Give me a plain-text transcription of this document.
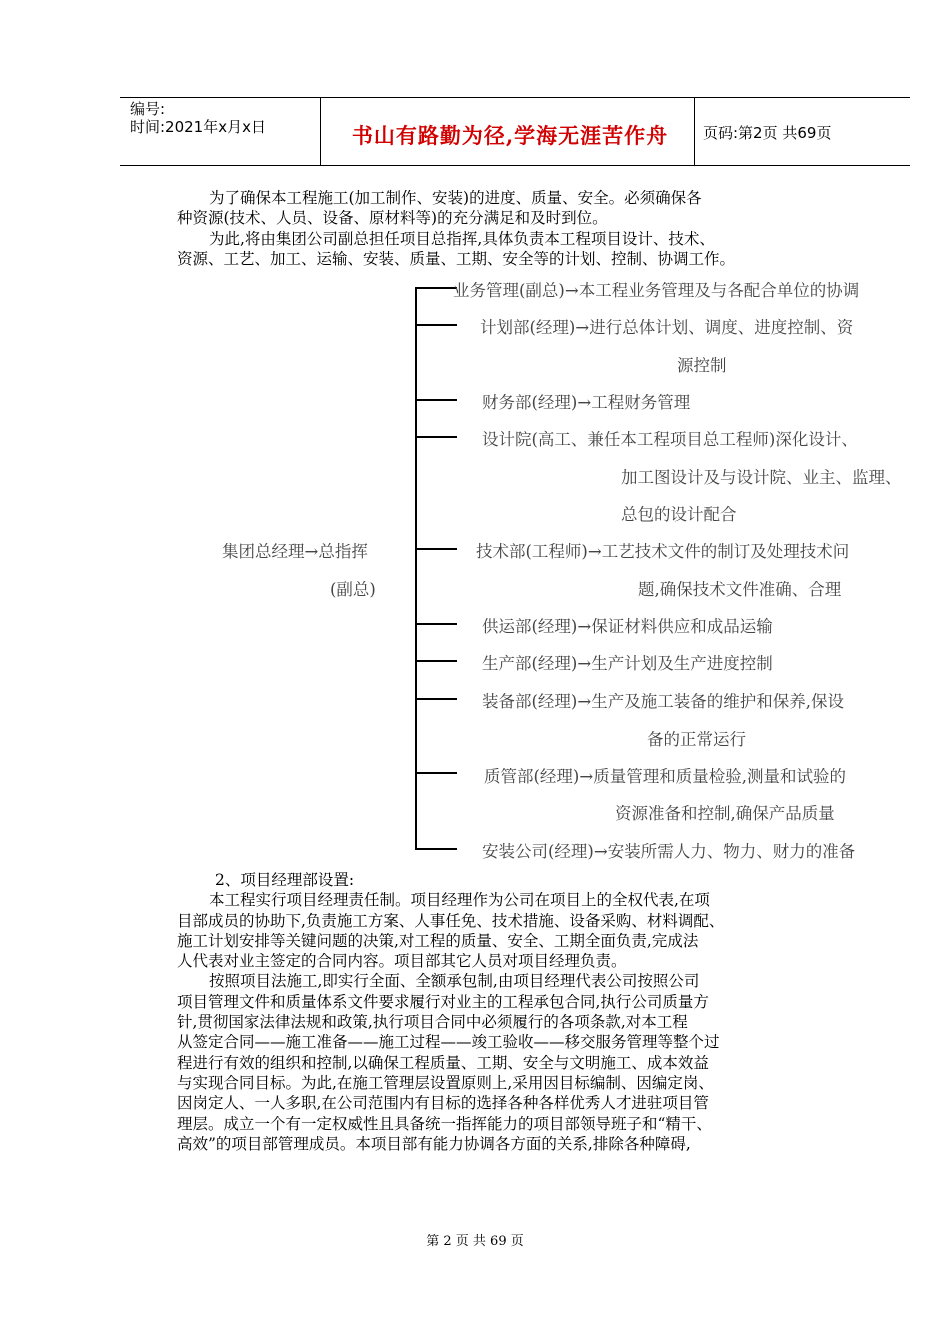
编号:
时间:2021年x月x日	书山有路勤为径,学海无涯苦作舟	页码:第2页 共69页
为了确保本工程施工(加工制作、安装)的进度、质量、安全。必须确保各
种资源(技术、人员、设备、原材料等)的充分满足和及时到位。
为此,将由集团公司副总担任项目总指挥,具体负责本工程项目设计、技术、
资源、工艺、加工、运输、安装、质量、工期、安全等的计划、控制、协调工作。
集团总经理→总指挥
(副总)
业务管理(副总)→本工程业务管理及与各配合单位的协调
计划部(经理)→进行总体计划、调度、进度控制、资
源控制
财务部(经理)→工程财务管理
设计院(高工、兼任本工程项目总工程师)深化设计、
加工图设计及与设计院、业主、监理、
总包的设计配合
技术部(工程师)→工艺技术文件的制订及处理技术问
题,确保技术文件准确、合理
供运部(经理)→保证材料供应和成品运输
生产部(经理)→生产计划及生产进度控制
装备部(经理)→生产及施工装备的维护和保养,保设
备的正常运行
质管部(经理)→质量管理和质量检验,测量和试验的
资源准备和控制,确保产品质量
安装公司(经理)→安装所需人力、物力、财力的准备
2、项目经理部设置:
本工程实行项目经理责任制。项目经理作为公司在项目上的全权代表,在项
目部成员的协助下,负责施工方案、人事任免、技术措施、设备采购、材料调配、
施工计划安排等关键问题的决策,对工程的质量、安全、工期全面负责,完成法
人代表对业主签定的合同内容。项目部其它人员对项目经理负责。
按照项目法施工,即实行全面、全额承包制,由项目经理代表公司按照公司
项目管理文件和质量体系文件要求履行对业主的工程承包合同,执行公司质量方
针,贯彻国家法律法规和政策,执行项目合同中必须履行的各项条款,对本工程
从签定合同——施工准备——施工过程——竣工验收——移交服务管理等整个过
程进行有效的组织和控制,以确保工程质量、工期、安全与文明施工、成本效益
与实现合同目标。为此,在施工管理层设置原则上,采用因目标编制、因编定岗、
因岗定人、一人多职,在公司范围内有目标的选择各种各样优秀人才进驻项目管
理层。成立一个有一定权威性且具备统一指挥能力的项目部领导班子和“精干、
高效”的项目部管理成员。本项目部有能力协调各方面的关系,排除各种障碍,
第 2 页 共 69 页
